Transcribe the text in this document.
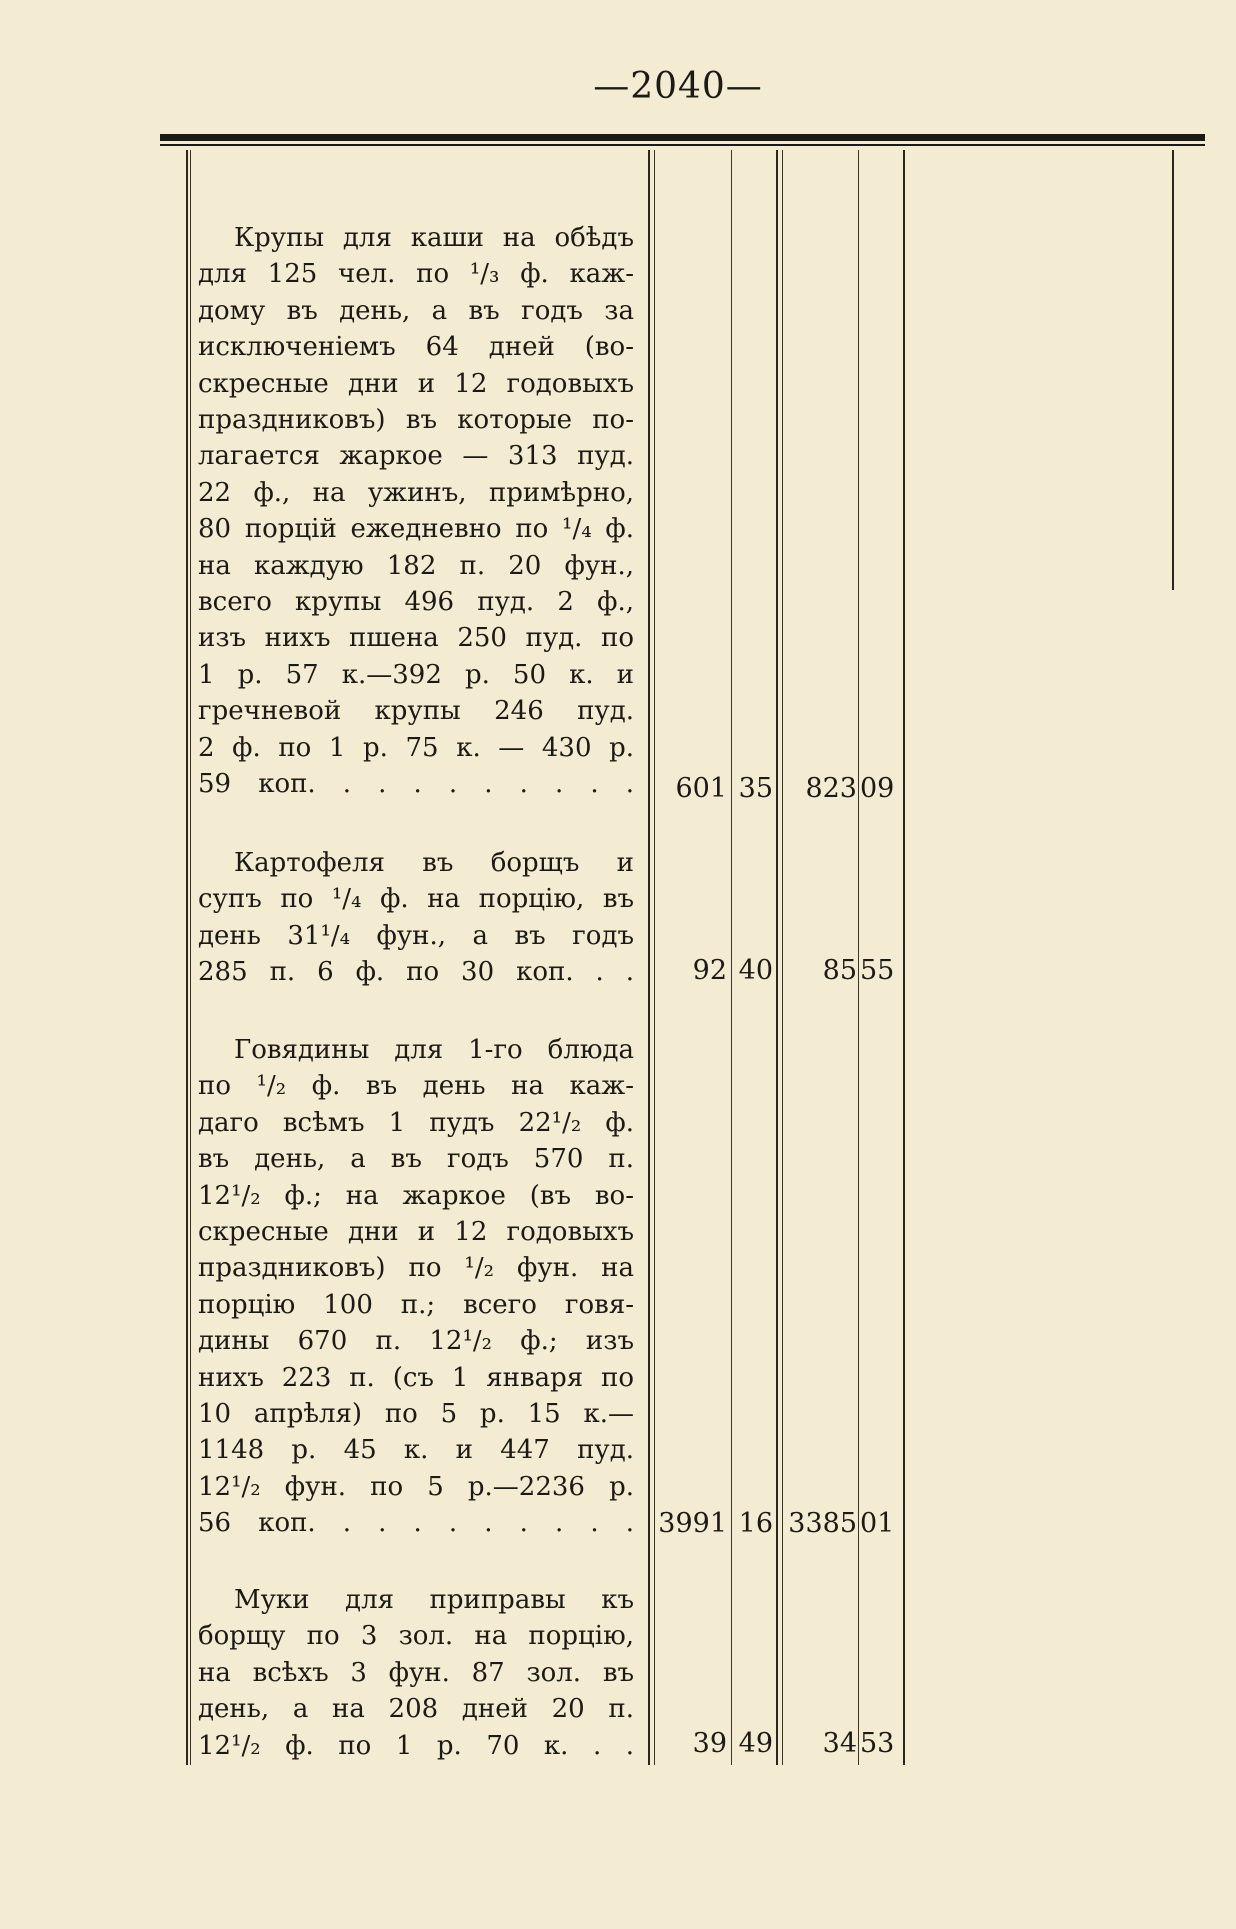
—2040—
Крупы для каши на обѣдъ
для 125 чел. по ¹/₃ ф. каж-
дому въ день, а въ годъ за
исключеніемъ 64 дней (во-
скресные дни и 12 годовыхъ
праздниковъ) въ которые по-
лагается жаркое — 313 пуд.
22 ф., на ужинъ, примѣрно,
80 порцій ежедневно по ¹/₄ ф.
на каждую 182 п. 20 фун.,
всего крупы 496 пуд. 2 ф.,
изъ нихъ пшена 250 пуд. по
1 р. 57 к.—392 р. 50 к. и
гречневой крупы 246 пуд.
2 ф. по 1 р. 75 к. — 430 р.
59 коп. . . . . . . . . .	601 35	823 09
Картофеля въ борщъ и
супъ по ¹/₄ ф. на порцію, въ
день 31¹/₄ фун., а въ годъ
285 п. 6 ф. по 30 коп. . .	92 40	85 55
Говядины для 1-го блюда
по ¹/₂ ф. въ день на каж-
даго всѣмъ 1 пудъ 22¹/₂ ф.
въ день, а въ годъ 570 п.
12¹/₂ ф.; на жаркое (въ во-
скресные дни и 12 годовыхъ
праздниковъ) по ¹/₂ фун. на
порцію 100 п.; всего говя-
дины 670 п. 12¹/₂ ф.; изъ
нихъ 223 п. (съ 1 января по
10 апрѣля) по 5 р. 15 к.—
1148 р. 45 к. и 447 пуд.
12¹/₂ фун. по 5 р.—2236 р.
56 коп. . . . . . . . . . 3991 16 3385 01
Муки для приправы къ
борщу по 3 зол. на порцію,
на всѣхъ 3 фун. 87 зол. въ
день, а на 208 дней 20 п.
12¹/₂ ф. по 1 р. 70 к. . .	39 49	34 53
